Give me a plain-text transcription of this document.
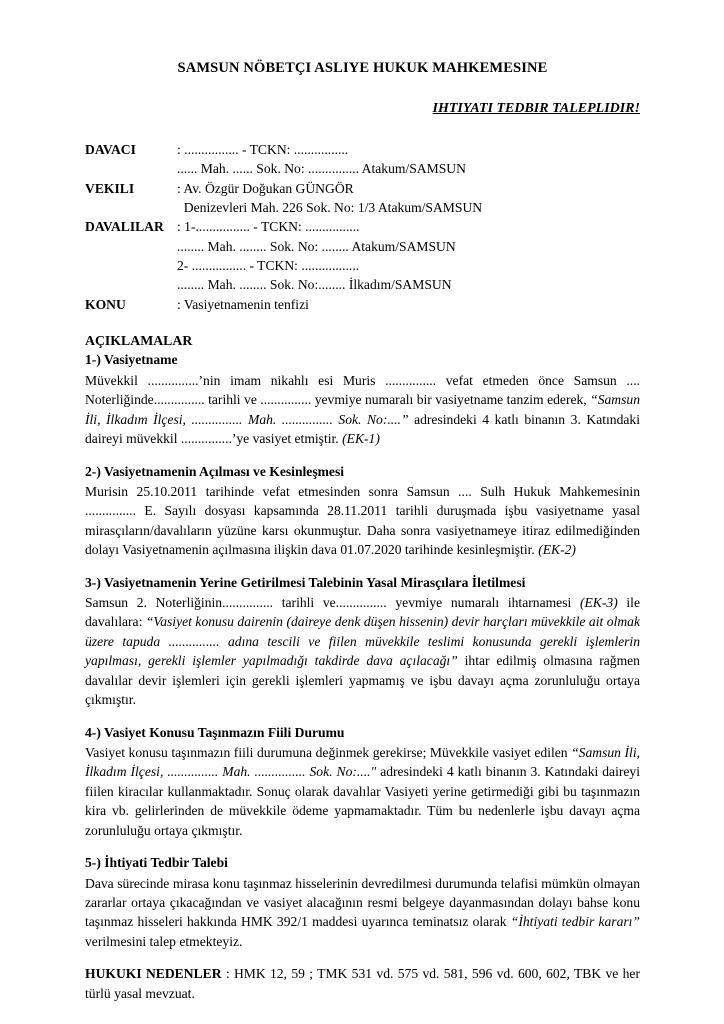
SAMSUN NÖBETÇI ASLIYE HUKUK MAHKEMESINE
IHTIYATI TEDBIR TALEPLIDIR!
DAVACI	: ................ - TCKN: ................
...... Mah. ...... Sok. No: ............... Atakum/SAMSUN
VEKILI	: Av. Özgür Doğukan GÜNGÖR
Denizevleri Mah. 226 Sok. No: 1/3 Atakum/SAMSUN
DAVALILAR : 1-................ - TCKN: ................
........ Mah. ........ Sok. No: ........ Atakum/SAMSUN
2- ................ - TCKN: .................
........ Mah. ........ Sok. No:........ İlkadım/SAMSUN
KONU	: Vasiyetnamenin tenfizi
AÇIKLAMALAR
1-) Vasiyetname

Müvekkil ...............’nin imam nikahlı esi Muris ............... vefat etmeden önce Samsun .... Noterliğinde............... tarihli ve ............... yevmiye numaralı bir vasiyetname tanzim ederek, “Samsun İli, İlkadım İlçesi, ............... Mah. ............... Sok. No:....” adresindeki 4 katlı binanın 3. Katındaki daireyi müvekkil ...............’ye vasiyet etmiştir. (EK-1)

2-) Vasiyetnamenin Açılması ve Kesinleşmesi

Murisin 25.10.2011 tarihinde vefat etmesinden sonra Samsun .... Sulh Hukuk Mahkemesinin ............... E. Sayılı dosyası kapsamında 28.11.2011 tarihli duruşmada işbu vasiyetname yasal mirasçıların/davalıların yüzüne karsı okunmuştur. Daha sonra vasiyetnameye itiraz edilmediğinden dolayı Vasiyetnamenin açılmasına ilişkin dava 01.07.2020 tarihinde kesinleşmiştir. (EK-2)

3-) Vasiyetnamenin Yerine Getirilmesi Talebinin Yasal Mirasçılara İletilmesi

Samsun 2. Noterliğinin............... tarihli ve............... yevmiye numaralı ihtarnamesi (EK-3) ile davalılara: “Vasiyet konusu dairenin (daireye denk düşen hissenin) devir harçları müvekkile ait olmak üzere tapuda ............... adına tescili ve fiilen müvekkile teslimi konusunda gerekli işlemlerin yapılması, gerekli işlemler yapılmadığı takdirde dava açılacağı” ihtar edilmiş olmasına rağmen davalılar devir işlemleri için gerekli işlemleri yapmamış ve işbu davayı açma zorunluluğu ortaya çıkmıştır.

4-) Vasiyet Konusu Taşınmazın Fiili Durumu

Vasiyet konusu taşınmazın fiili durumuna değinmek gerekirse; Müvekkile vasiyet edilen “Samsun İli, İlkadım İlçesi, ............... Mah. ............... Sok. No:...." adresindeki 4 katlı binanın 3. Katındaki daireyi fiilen kiracılar kullanmaktadır. Sonuç olarak davalılar Vasiyeti yerine getirmediği gibi bu taşınmazın kira vb. gelirlerinden de müvekkile ödeme yapmamaktadır. Tüm bu nedenlerle işbu davayı açma zorunluluğu ortaya çıkmıştır.

5-) İhtiyati Tedbir Talebi

Dava sürecinde mirasa konu taşınmaz hisselerinin devredilmesi durumunda telafisi mümkün olmayan zararlar ortaya çıkacağından ve vasiyet alacağının resmi belgeye dayanmasından dolayı bahse konu taşınmaz hisseleri hakkında HMK 392/1 maddesi uyarınca teminatsız olarak “İhtiyati tedbir kararı” verilmesini talep etmekteyiz.

HUKUKI NEDENLER : HMK 12, 59 ; TMK 531 vd. 575 vd. 581, 596 vd. 600, 602, TBK ve her türlü yasal mevzuat.
